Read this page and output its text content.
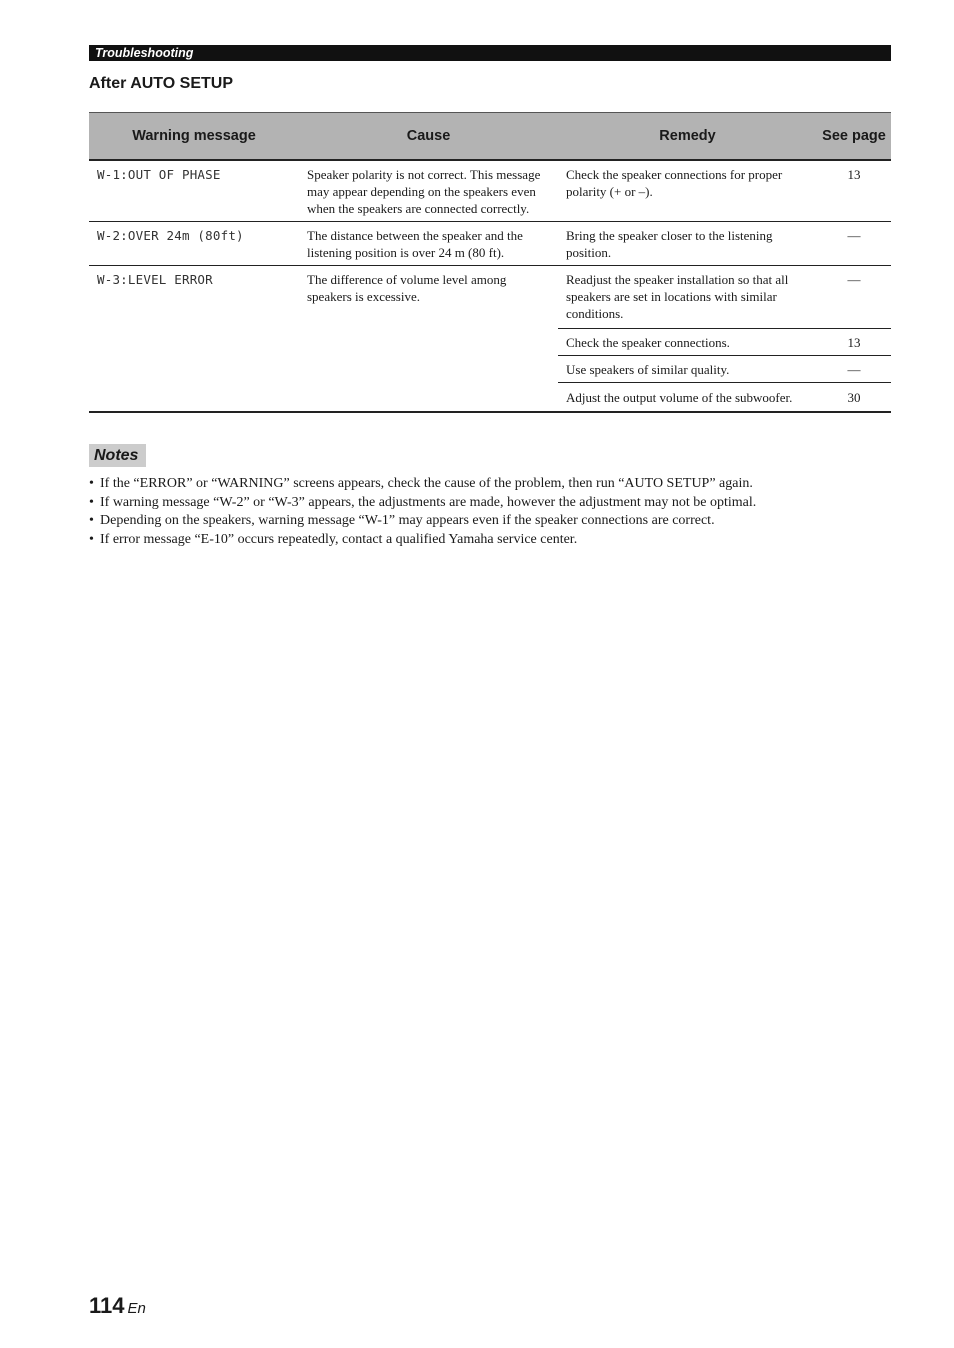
Troubleshooting
After AUTO SETUP
Warning message	Cause	Remedy	See page
W-1:OUT OF PHASE	Speaker polarity is not correct. This message may appear depending on the speakers even when the speakers are connected correctly.	Check the speaker connections for proper polarity (+ or –).	13
W-2:OVER 24m (80ft)	The distance between the speaker and the listening position is over 24 m (80 ft).	Bring the speaker closer to the listening position.	—
W-3:LEVEL ERROR	The difference of volume level among speakers is excessive.	Readjust the speaker installation so that all speakers are set in locations with similar conditions.	—
		Check the speaker connections.	13
		Use speakers of similar quality.	—
		Adjust the output volume of the subwoofer.	30
Notes
• If the “ERROR” or “WARNING” screens appears, check the cause of the problem, then run “AUTO SETUP” again.
• If warning message “W-2” or “W-3” appears, the adjustments are made, however the adjustment may not be optimal.
• Depending on the speakers, warning message “W-1” may appears even if the speaker connections are correct.
• If error message “E-10” occurs repeatedly, contact a qualified Yamaha service center.
114 En
